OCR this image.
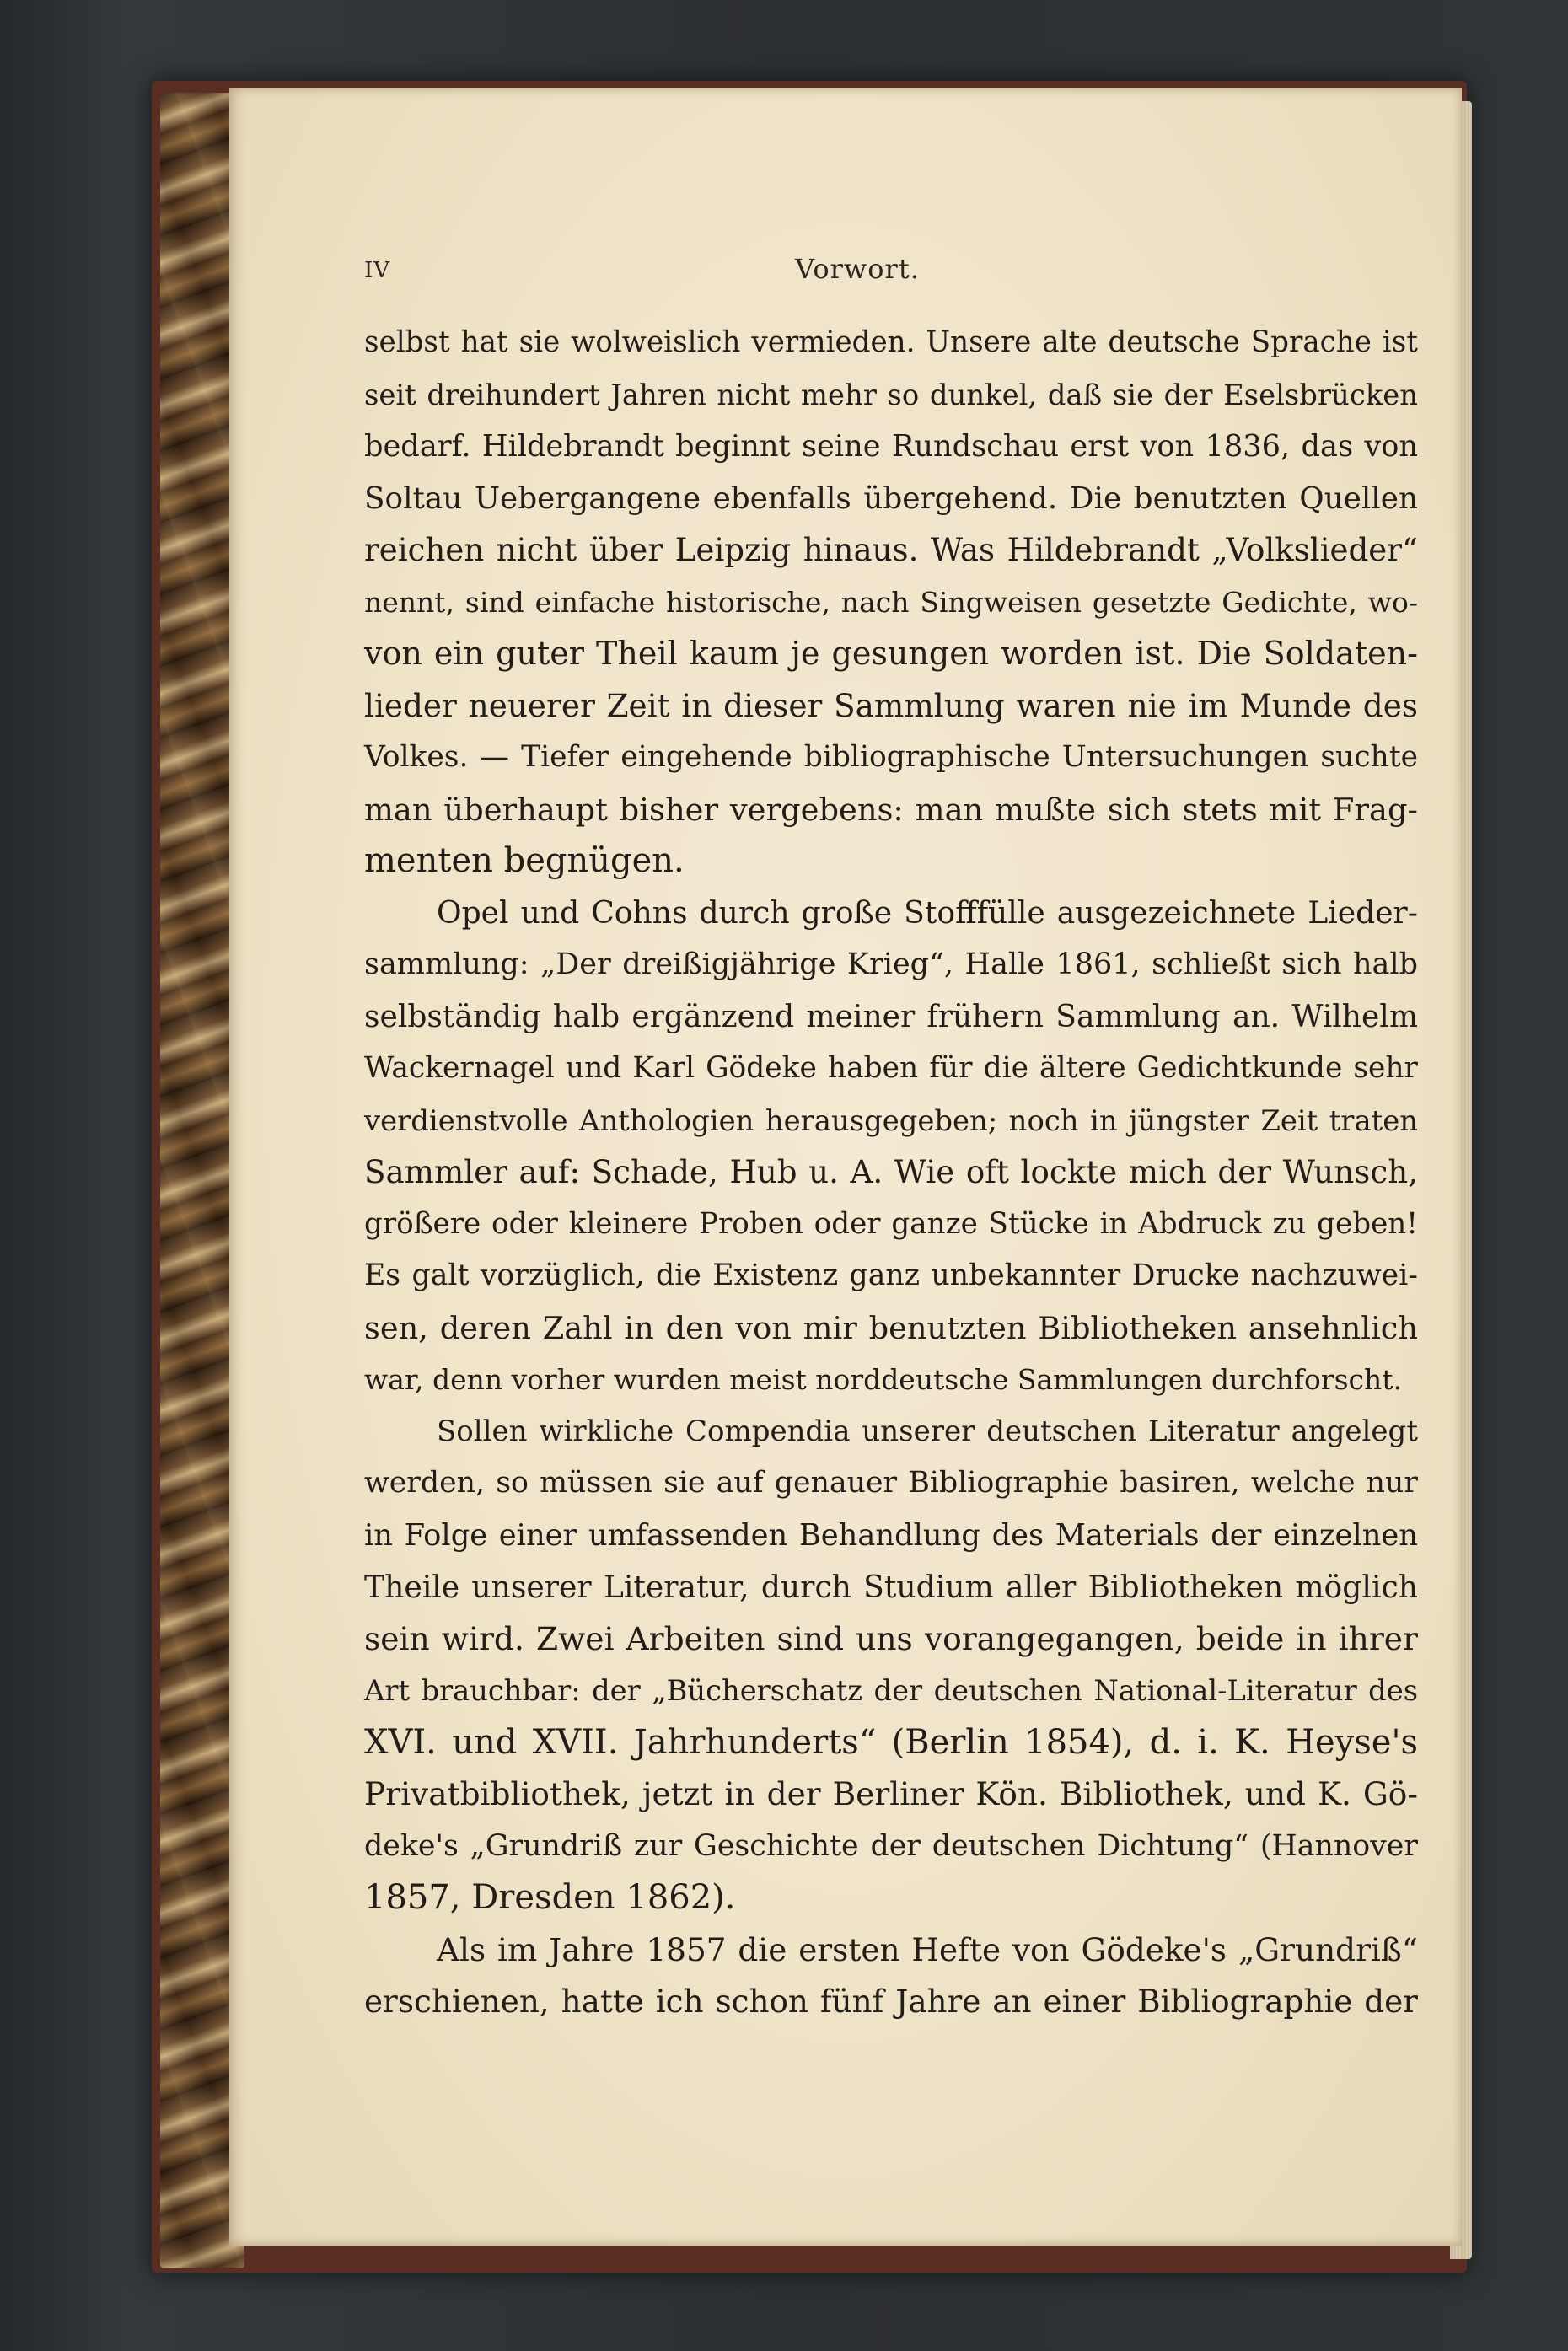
IV	Vorwort.
selbst hat sie wolweislich vermieden. Unsere alte deutsche Sprache ist
seit dreihundert Jahren nicht mehr so dunkel, daß sie der Eselsbrücken
bedarf. Hildebrandt beginnt seine Rundschau erst von 1836, das von
Soltau Uebergangene ebenfalls übergehend. Die benutzten Quellen
reichen nicht über Leipzig hinaus. Was Hildebrandt „Volkslieder“
nennt, sind einfache historische, nach Singweisen gesetzte Gedichte, wo-
von ein guter Theil kaum je gesungen worden ist. Die Soldaten-
lieder neuerer Zeit in dieser Sammlung waren nie im Munde des
Volkes. — Tiefer eingehende bibliographische Untersuchungen suchte
man überhaupt bisher vergebens: man mußte sich stets mit Frag-
menten begnügen.
Opel und Cohns durch große Stofffülle ausgezeichnete Lieder-
sammlung: „Der dreißigjährige Krieg“, Halle 1861, schließt sich halb
selbständig halb ergänzend meiner frühern Sammlung an. Wilhelm
Wackernagel und Karl Gödeke haben für die ältere Gedichtkunde sehr
verdienstvolle Anthologien herausgegeben; noch in jüngster Zeit traten
Sammler auf: Schade, Hub u. A. Wie oft lockte mich der Wunsch,
größere oder kleinere Proben oder ganze Stücke in Abdruck zu geben!
Es galt vorzüglich, die Existenz ganz unbekannter Drucke nachzuwei-
sen, deren Zahl in den von mir benutzten Bibliotheken ansehnlich
war, denn vorher wurden meist norddeutsche Sammlungen durchforscht.
Sollen wirkliche Compendia unserer deutschen Literatur angelegt
werden, so müssen sie auf genauer Bibliographie basiren, welche nur
in Folge einer umfassenden Behandlung des Materials der einzelnen
Theile unserer Literatur, durch Studium aller Bibliotheken möglich
sein wird. Zwei Arbeiten sind uns vorangegangen, beide in ihrer
Art brauchbar: der „Bücherschatz der deutschen National-Literatur des
XVI. und XVII. Jahrhunderts“ (Berlin 1854), d. i. K. Heyse's
Privatbibliothek, jetzt in der Berliner Kön. Bibliothek, und K. Gö-
deke's „Grundriß zur Geschichte der deutschen Dichtung“ (Hannover
1857, Dresden 1862).
Als im Jahre 1857 die ersten Hefte von Gödeke's „Grundriß“
erschienen, hatte ich schon fünf Jahre an einer Bibliographie der
